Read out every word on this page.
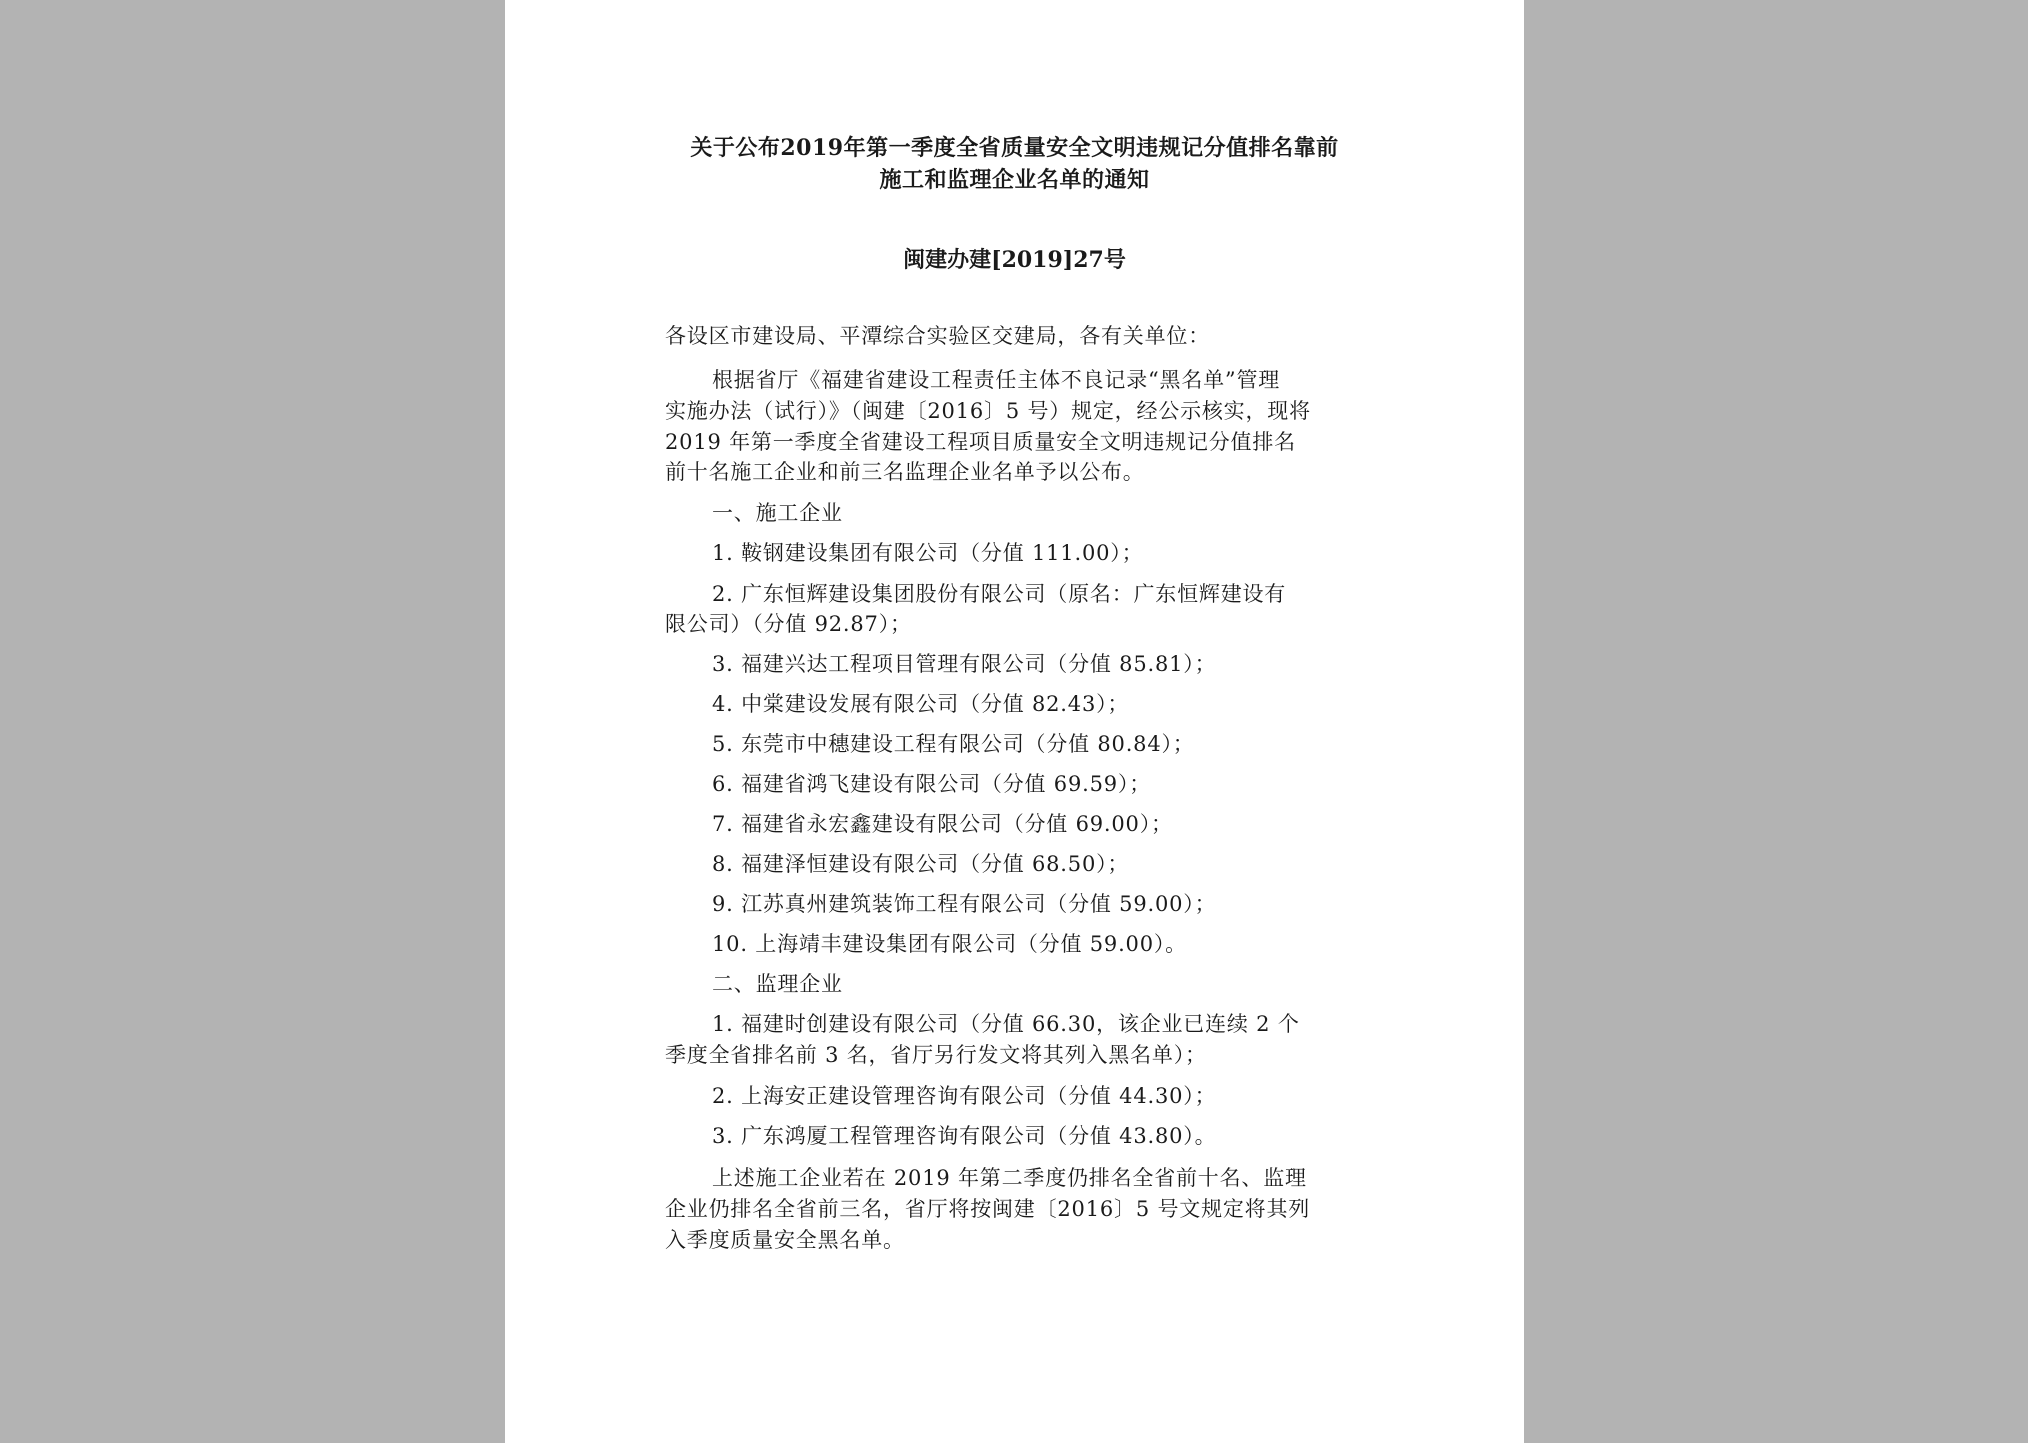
关于公布2019年第一季度全省质量安全文明违规记分值排名靠前
施工和监理企业名单的通知
闽建办建[2019]27号
各设区市建设局、平潭综合实验区交建局，各有关单位：
根据省厅《福建省建设工程责任主体不良记录“黑名单”管理
实施办法（试行）》（闽建〔2016〕5 号）规定，经公示核实，现将
2019 年第一季度全省建设工程项目质量安全文明违规记分值排名
前十名施工企业和前三名监理企业名单予以公布。
一、施工企业
1. 鞍钢建设集团有限公司（分值 111.00）；
2. 广东恒辉建设集团股份有限公司（原名：广东恒辉建设有
限公司）（分值 92.87）；
3. 福建兴达工程项目管理有限公司（分值 85.81）；
4. 中棠建设发展有限公司（分值 82.43）；
5. 东莞市中穗建设工程有限公司（分值 80.84）；
6. 福建省鸿飞建设有限公司（分值 69.59）；
7. 福建省永宏鑫建设有限公司（分值 69.00）；
8. 福建泽恒建设有限公司（分值 68.50）；
9. 江苏真州建筑装饰工程有限公司（分值 59.00）；
10. 上海靖丰建设集团有限公司（分值 59.00）。
二、监理企业
1. 福建时创建设有限公司（分值 66.30，该企业已连续 2 个
季度全省排名前 3 名，省厅另行发文将其列入黑名单）；
2. 上海安正建设管理咨询有限公司（分值 44.30）；
3. 广东鸿厦工程管理咨询有限公司（分值 43.80）。
上述施工企业若在 2019 年第二季度仍排名全省前十名、监理
企业仍排名全省前三名，省厅将按闽建〔2016〕5 号文规定将其列
入季度质量安全黑名单。
